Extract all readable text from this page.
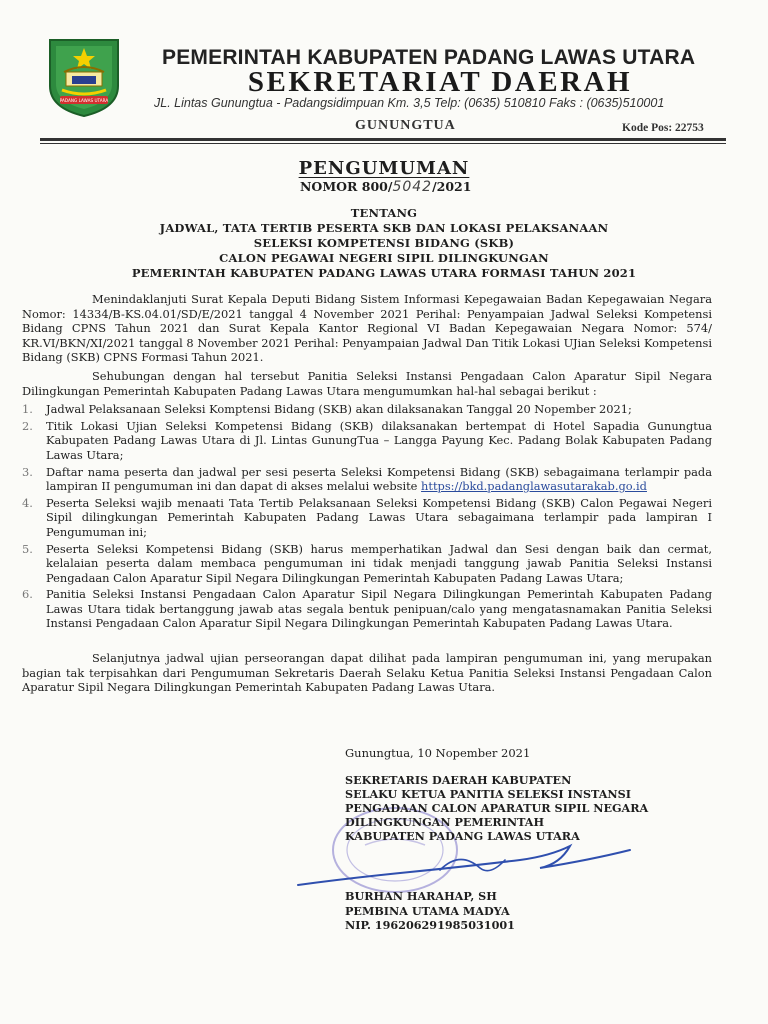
PADANG LAWAS UTARA
PEMERINTAH KABUPATEN PADANG LAWAS UTARA
SEKRETARIAT DAERAH
JL. Lintas Gunungtua - Padangsidimpuan Km. 3,5 Telp: (0635) 510810 Faks : (0635)510001
GUNUNGTUA	Kode Pos: 22753
PENGUMUMAN
NOMOR 800/5042/2021
TENTANG
JADWAL, TATA TERTIB PESERTA SKB DAN LOKASI PELAKSANAAN
SELEKSI KOMPETENSI BIDANG (SKB)
CALON PEGAWAI NEGERI SIPIL DILINGKUNGAN
PEMERINTAH KABUPATEN PADANG LAWAS UTARA FORMASI TAHUN 2021

Menindaklanjuti Surat Kepala Deputi Bidang Sistem Informasi Kepegawaian Badan Kepegawaian Negara Nomor: 14334/B-KS.04.01/SD/E/2021 tanggal 4 November 2021 Perihal: Penyampaian Jadwal Seleksi Kompetensi Bidang CPNS Tahun 2021 dan Surat Kepala Kantor Regional VI Badan Kepegawaian Negara Nomor: 574/ KR.VI/BKN/XI/2021 tanggal 8 November 2021 Perihal: Penyampaian Jadwal Dan Titik Lokasi UJian Seleksi Kompetensi Bidang (SKB) CPNS Formasi Tahun 2021.

Sehubungan dengan hal tersebut Panitia Seleksi Instansi Pengadaan Calon Aparatur Sipil Negara Dilingkungan Pemerintah Kabupaten Padang Lawas Utara mengumumkan hal-hal sebagai berikut :

1. Jadwal Pelaksanaan Seleksi Komptensi Bidang (SKB) akan dilaksanakan Tanggal 20 Nopember 2021;
2. Titik Lokasi Ujian Seleksi Kompetensi Bidang (SKB) dilaksanakan bertempat di Hotel Sapadia Gunungtua Kabupaten Padang Lawas Utara di Jl. Lintas GunungTua – Langga Payung Kec. Padang Bolak Kabupaten Padang Lawas Utara;
3. Daftar nama peserta dan jadwal per sesi peserta Seleksi Kompetensi Bidang (SKB) sebagaimana terlampir pada lampiran II pengumuman ini dan dapat di akses melalui website https://bkd.padanglawasutarakab.go.id
4. Peserta Seleksi wajib menaati Tata Tertib Pelaksanaan Seleksi Kompetensi Bidang (SKB) Calon Pegawai Negeri Sipil dilingkungan Pemerintah Kabupaten Padang Lawas Utara sebagaimana terlampir pada lampiran I Pengumuman ini;
5. Peserta Seleksi Kompetensi Bidang (SKB) harus memperhatikan Jadwal dan Sesi dengan baik dan cermat, kelalaian peserta dalam membaca pengumuman ini tidak menjadi tanggung jawab Panitia Seleksi Instansi Pengadaan Calon Aparatur Sipil Negara Dilingkungan Pemerintah Kabupaten Padang Lawas Utara;
6. Panitia Seleksi Instansi Pengadaan Calon Aparatur Sipil Negara Dilingkungan Pemerintah Kabupaten Padang Lawas Utara tidak bertanggung jawab atas segala bentuk penipuan/calo yang mengatasnamakan Panitia Seleksi Instansi Pengadaan Calon Aparatur Sipil Negara Dilingkungan Pemerintah Kabupaten Padang Lawas Utara.

Selanjutnya jadwal ujian perseorangan dapat dilihat pada lampiran pengumuman ini, yang merupakan bagian tak terpisahkan dari Pengumuman Sekretaris Daerah Selaku Ketua Panitia Seleksi Instansi Pengadaan Calon Aparatur Sipil Negara Dilingkungan Pemerintah Kabupaten Padang Lawas Utara.

Gunungtua, 10 Nopember 2021
SEKRETARIS DAERAH KABUPATEN
SELAKU KETUA PANITIA SELEKSI INSTANSI
PENGADAAN CALON APARATUR SIPIL NEGARA
DILINGKUNGAN PEMERINTAH
KABUPATEN PADANG LAWAS UTARA
BURHAN HARAHAP, SH
PEMBINA UTAMA MADYA
NIP. 196206291985031001
